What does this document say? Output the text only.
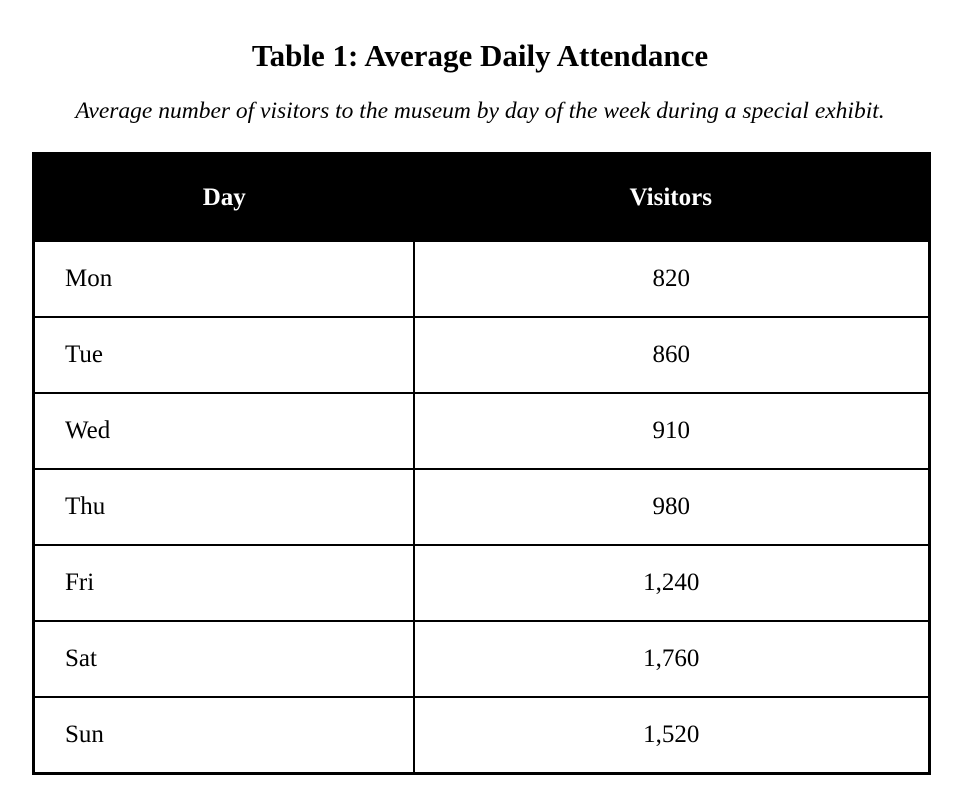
Table 1: Average Daily Attendance

Average number of visitors to the museum by day of the week during a special exhibit.

Day	Visitors
Mon	820
Tue	860
Wed	910
Thu	980
Fri	1,240
Sat	1,760
Sun	1,520
